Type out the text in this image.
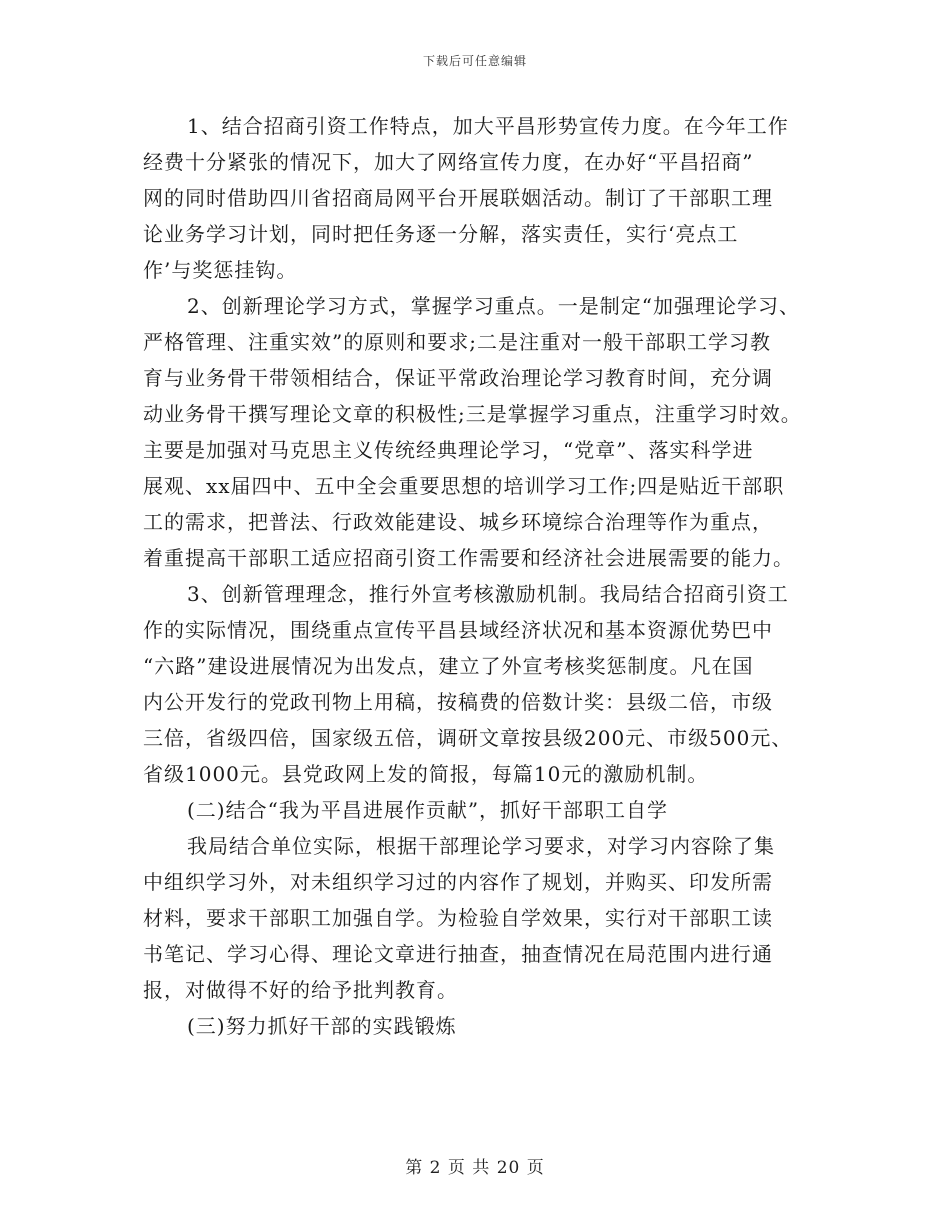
下载后可任意编辑
1、结合招商引资工作特点，加大平昌形势宣传力度。在今年工作
经费十分紧张的情况下，加大了网络宣传力度，在办好“平昌招商”
网的同时借助四川省招商局网平台开展联姻活动。制订了干部职工理
论业务学习计划，同时把任务逐一分解，落实责任，实行‘亮点工
作’与奖惩挂钩。
2、创新理论学习方式，掌握学习重点。一是制定“加强理论学习、
严格管理、注重实效”的原则和要求;二是注重对一般干部职工学习教
育与业务骨干带领相结合，保证平常政治理论学习教育时间，充分调
动业务骨干撰写理论文章的积极性;三是掌握学习重点，注重学习时效。
主要是加强对马克思主义传统经典理论学习，“党章”、落实科学进
展观、xx届四中、五中全会重要思想的培训学习工作;四是贴近干部职
工的需求，把普法、行政效能建设、城乡环境综合治理等作为重点，
着重提高干部职工适应招商引资工作需要和经济社会进展需要的能力。
3、创新管理理念，推行外宣考核激励机制。我局结合招商引资工
作的实际情况，围绕重点宣传平昌县域经济状况和基本资源优势巴中
“六路”建设进展情况为出发点，建立了外宣考核奖惩制度。凡在国
内公开发行的党政刊物上用稿，按稿费的倍数计奖：县级二倍，市级
三倍，省级四倍，国家级五倍，调研文章按县级200元、市级500元、
省级1000元。县党政网上发的简报，每篇10元的激励机制。
(二)结合“我为平昌进展作贡献”，抓好干部职工自学
我局结合单位实际，根据干部理论学习要求，对学习内容除了集
中组织学习外，对未组织学习过的内容作了规划，并购买、印发所需
材料，要求干部职工加强自学。为检验自学效果，实行对干部职工读
书笔记、学习心得、理论文章进行抽查，抽查情况在局范围内进行通
报，对做得不好的给予批判教育。
(三)努力抓好干部的实践锻炼
第 2 页 共 20 页
